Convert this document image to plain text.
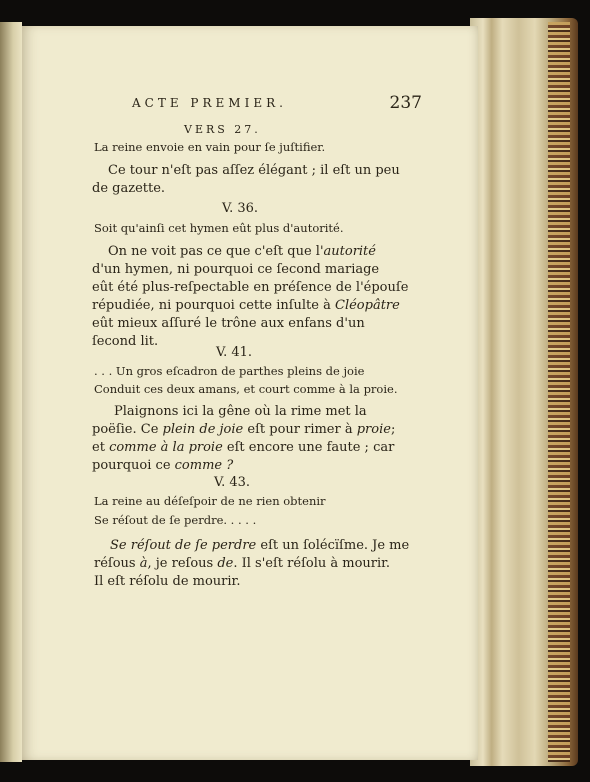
ACTE PREMIER.	237
VERS 27.
La reine envoie en vain pour ſe juſtifier.
Ce tour n'eſt pas aſſez élégant ; il eſt un peu
de gazette.
V. 36.
Soit qu'ainſi cet hymen eût plus d'autorité.
On ne voit pas ce que c'eſt que l'autorité
d'un hymen, ni pourquoi ce ſecond mariage
eût été plus-reſpectable en préſence de l'épouſe
répudiée, ni pourquoi cette inſulte à Cléopâtre
eût mieux aſſuré le trône aux enfans d'un
ſecond lit.
V. 41.
. . . Un gros eſcadron de parthes pleins de joie
Conduit ces deux amans, et court comme à la proie.
Plaignons ici la gêne où la rime met la
poëſie. Ce plein de joie eſt pour rimer à proie;
et comme à la proie eſt encore une faute ; car
pourquoi ce comme ?
V. 43.
La reine au déſeſpoir de ne rien obtenir
Se réſout de ſe perdre. . . . .
Se réſout de ſe perdre eſt un ſolécïſme. Je me
réſous à, je reſous de. Il s'eſt réſolu à mourir.
Il eſt réſolu de mourir.
